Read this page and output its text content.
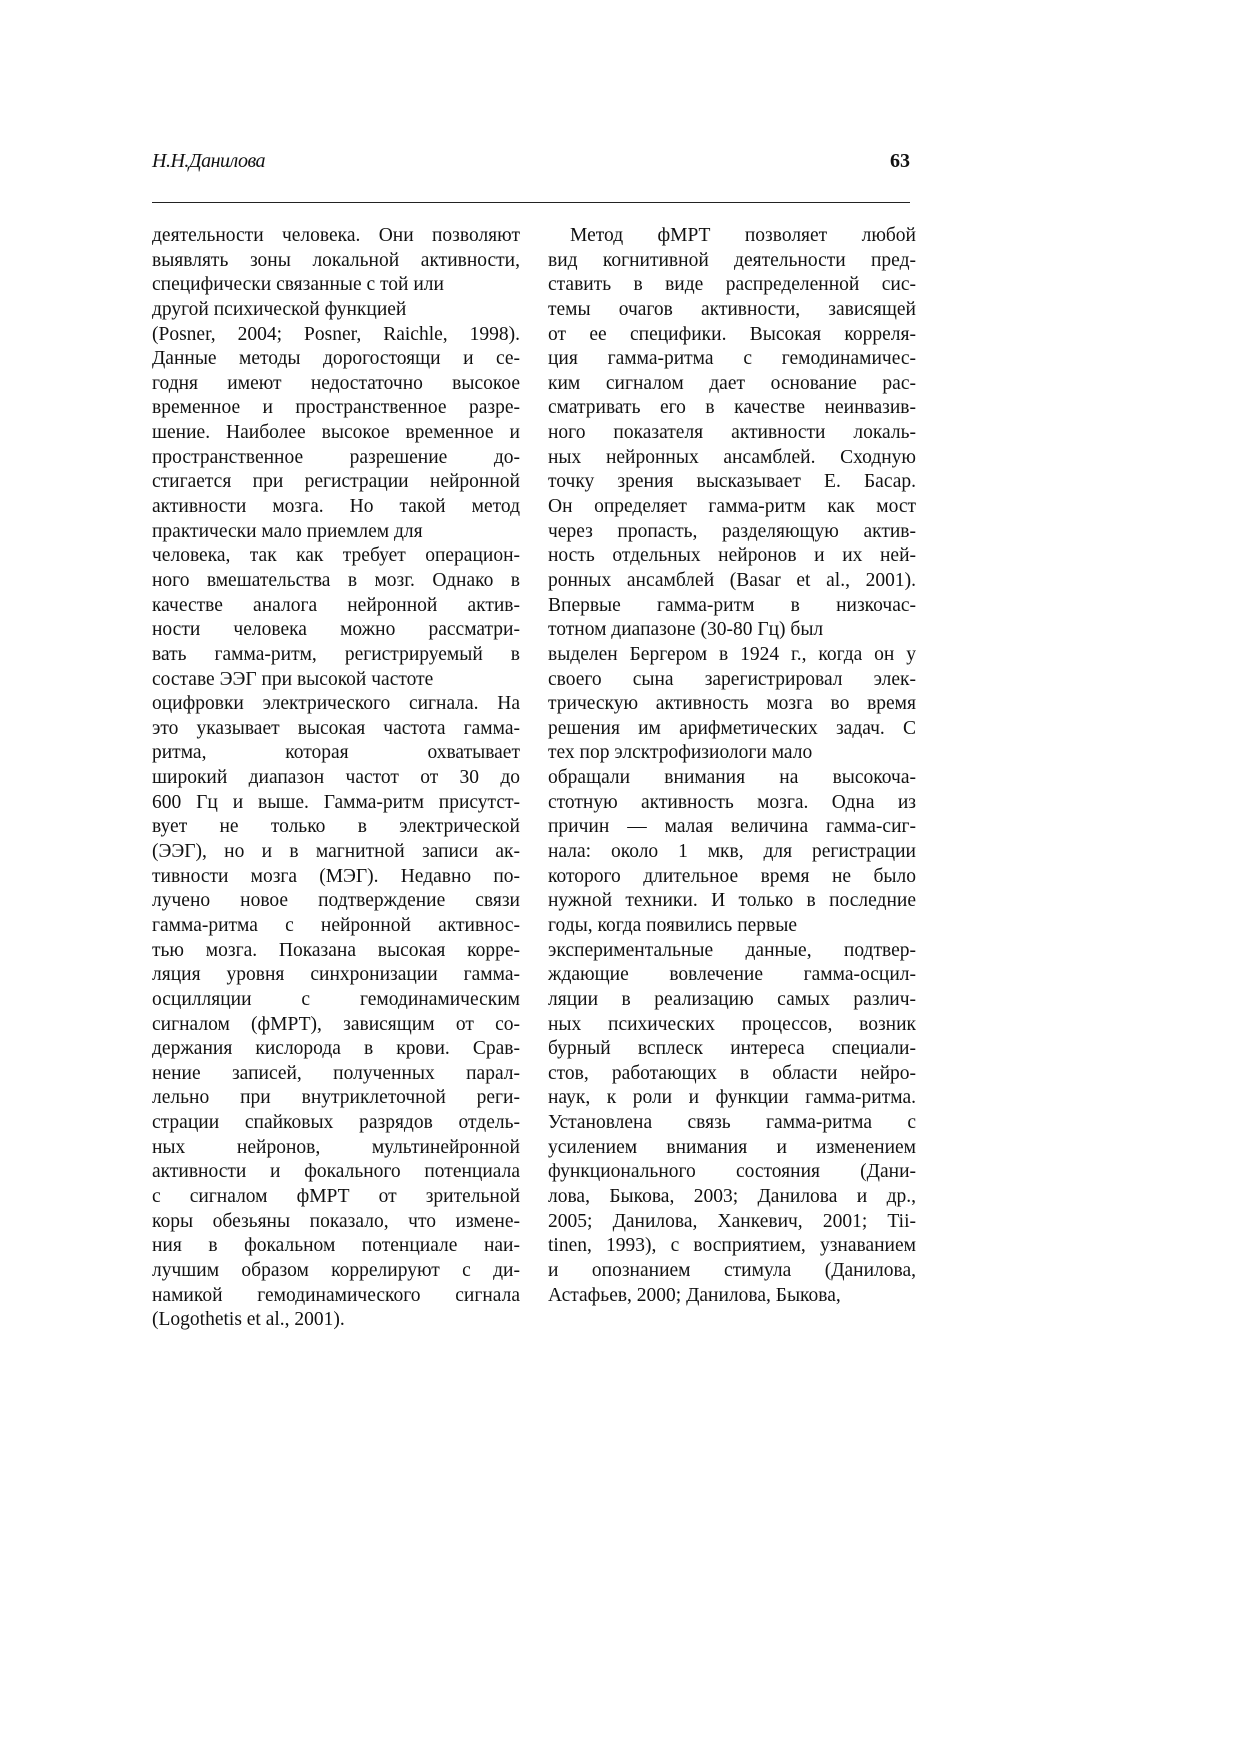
Н.Н.Данилова	63
деятельности человека. Они позволяют
выявлять зоны локальной активности,
специфически связанные с той или
другой психической функцией
(Posner, 2004; Posner, Raichle, 1998).
Данные методы дорогостоящи и се-
годня имеют недостаточно высокое
временное и пространственное разре-
шение. Наиболее высокое временное и
пространственное разрешение до-
стигается при регистрации нейронной
активности мозга. Но такой метод
практически мало приемлем для
человека, так как требует операцион-
ного вмешательства в мозг. Однако в
качестве аналога нейронной актив-
ности человека можно рассматри-
вать гамма-ритм, регистрируемый в
составе ЭЭГ при высокой частоте
оцифровки электрического сигнала. На
это указывает высокая частота гамма-
ритма, которая охватывает
широкий диапазон частот от 30 до
600 Гц и выше. Гамма-ритм присутст-
вует не только в электрической
(ЭЭГ), но и в магнитной записи ак-
тивности мозга (МЭГ). Недавно по-
лучено новое подтверждение связи
гамма-ритма с нейронной активнос-
тью мозга. Показана высокая корре-
ляция уровня синхронизации гамма-
осцилляции с гемодинамическим
сигналом (фМРТ), зависящим от со-
держания кислорода в крови. Срав-
нение записей, полученных парал-
лельно при внутриклеточной реги-
страции спайковых разрядов отдель-
ных нейронов, мультинейронной
активности и фокального потенциала
с сигналом фМРТ от зрительной
коры обезьяны показало, что измене-
ния в фокальном потенциале наи-
лучшим образом коррелируют с ди-
намикой гемодинамического сигнала
(Logothetis et al., 2001).
Метод фМРТ позволяет любой
вид когнитивной деятельности пред-
ставить в виде распределенной сис-
темы очагов активности, зависящей
от ее специфики. Высокая корреля-
ция гамма-ритма с гемодинамичес-
ким сигналом дает основание рас-
сматривать его в качестве неинвазив-
ного показателя активности локаль-
ных нейронных ансамблей. Сходную
точку зрения высказывает Е. Басар.
Он определяет гамма-ритм как мост
через пропасть, разделяющую актив-
ность отдельных нейронов и их ней-
ронных ансамблей (Basar et al., 2001).
Впервые гамма-ритм в низкочас-
тотном диапазоне (30-80 Гц) был
выделен Бергером в 1924 г., когда он у
своего сына зарегистрировал элек-
трическую активность мозга во время
решения им арифметических задач. С
тех пор элсктрофизиологи мало
обращали внимания на высокоча-
стотную активность мозга. Одна из
причин — малая величина гамма-сиг-
нала: около 1 мкв, для регистрации
которого длительное время не было
нужной техники. И только в последние
годы, когда появились первые
экспериментальные данные, подтвер-
ждающие вовлечение гамма-осцил-
ляции в реализацию самых различ-
ных психических процессов, возник
бурный всплеск интереса специали-
стов, работающих в области нейро-
наук, к роли и функции гамма-ритма.
Установлена связь гамма-ритма с
усилением внимания и изменением
функционального состояния (Дани-
лова, Быкова, 2003; Данилова и др.,
2005; Данилова, Ханкевич, 2001; Tii-
tinen, 1993), с восприятием, узнаванием
и опознанием стимула (Данилова,
Астафьев, 2000; Данилова, Быкова,
